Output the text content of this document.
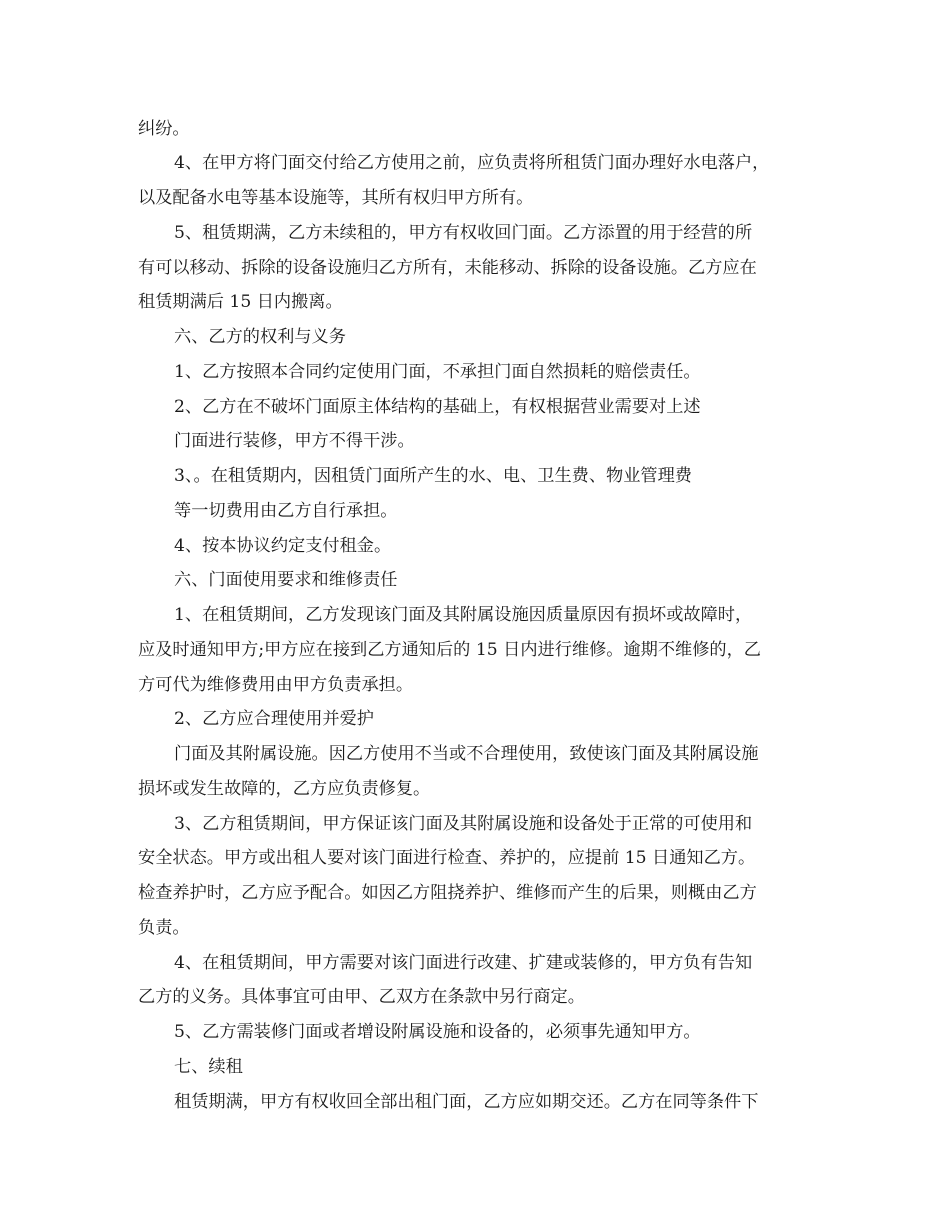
纠纷。
4、在甲方将门面交付给乙方使用之前，应负责将所租赁门面办理好水电落户，
以及配备水电等基本设施等，其所有权归甲方所有。
5、租赁期满，乙方未续租的，甲方有权收回门面。乙方添置的用于经营的所
有可以移动、拆除的设备设施归乙方所有，未能移动、拆除的设备设施。乙方应在
租赁期满后 15 日内搬离。
六、乙方的权利与义务
1、乙方按照本合同约定使用门面，不承担门面自然损耗的赔偿责任。
2、乙方在不破坏门面原主体结构的基础上，有权根据营业需要对上述
门面进行装修，甲方不得干涉。
3、。在租赁期内，因租赁门面所产生的水、电、卫生费、物业管理费
等一切费用由乙方自行承担。
4、按本协议约定支付租金。
六、门面使用要求和维修责任
1、在租赁期间，乙方发现该门面及其附属设施因质量原因有损坏或故障时，
应及时通知甲方;甲方应在接到乙方通知后的 15 日内进行维修。逾期不维修的，乙
方可代为维修费用由甲方负责承担。
2、乙方应合理使用并爱护
门面及其附属设施。因乙方使用不当或不合理使用，致使该门面及其附属设施
损坏或发生故障的，乙方应负责修复。
3、乙方租赁期间，甲方保证该门面及其附属设施和设备处于正常的可使用和
安全状态。甲方或出租人要对该门面进行检查、养护的，应提前 15 日通知乙方。
检查养护时，乙方应予配合。如因乙方阻挠养护、维修而产生的后果，则概由乙方
负责。
4、在租赁期间，甲方需要对该门面进行改建、扩建或装修的，甲方负有告知
乙方的义务。具体事宜可由甲、乙双方在条款中另行商定。
5、乙方需装修门面或者增设附属设施和设备的，必须事先通知甲方。
七、续租
租赁期满，甲方有权收回全部出租门面，乙方应如期交还。乙方在同等条件下
